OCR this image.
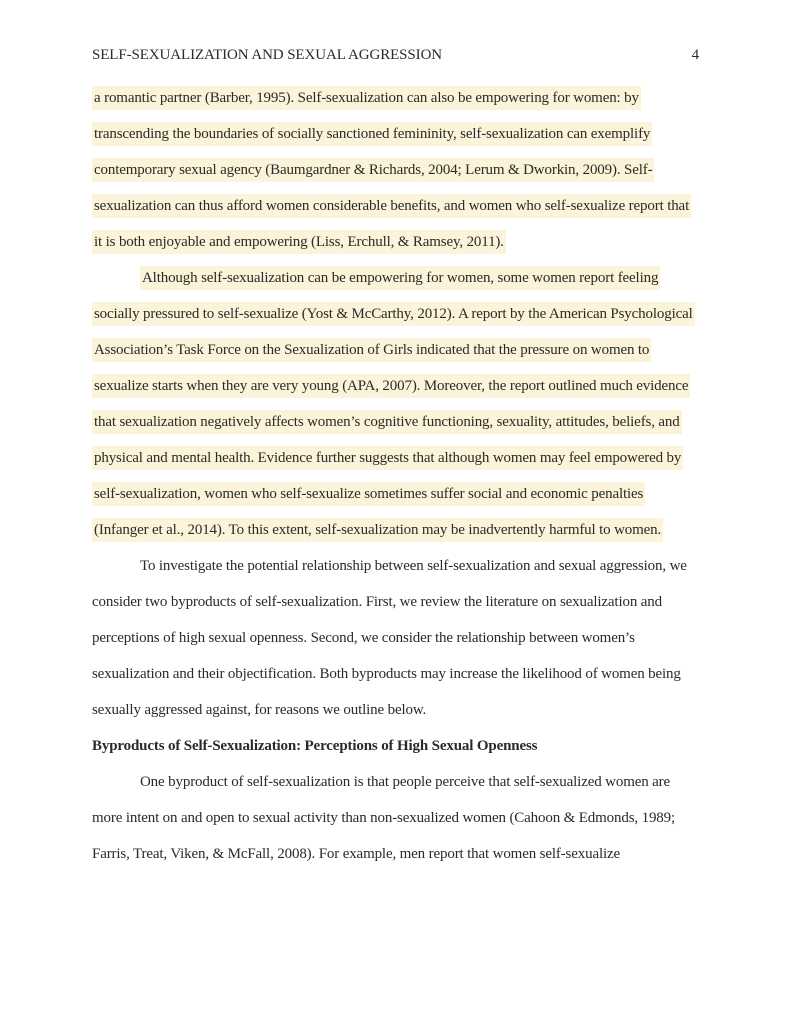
SELF-SEXUALIZATION AND SEXUAL AGGRESSION	4

a romantic partner (Barber, 1995). Self-sexualization can also be empowering for women: by transcending the boundaries of socially sanctioned femininity, self-sexualization can exemplify contemporary sexual agency (Baumgardner & Richards, 2004; Lerum & Dworkin, 2009). Self-sexualization can thus afford women considerable benefits, and women who self-sexualize report that it is both enjoyable and empowering (Liss, Erchull, & Ramsey, 2011).

Although self-sexualization can be empowering for women, some women report feeling socially pressured to self-sexualize (Yost & McCarthy, 2012). A report by the American Psychological Association’s Task Force on the Sexualization of Girls indicated that the pressure on women to sexualize starts when they are very young (APA, 2007). Moreover, the report outlined much evidence that sexualization negatively affects women’s cognitive functioning, sexuality, attitudes, beliefs, and physical and mental health. Evidence further suggests that although women may feel empowered by self-sexualization, women who self-sexualize sometimes suffer social and economic penalties (Infanger et al., 2014). To this extent, self-sexualization may be inadvertently harmful to women.

To investigate the potential relationship between self-sexualization and sexual aggression, we consider two byproducts of self-sexualization. First, we review the literature on sexualization and perceptions of high sexual openness. Second, we consider the relationship between women’s sexualization and their objectification. Both byproducts may increase the likelihood of women being sexually aggressed against, for reasons we outline below.

Byproducts of Self-Sexualization: Perceptions of High Sexual Openness

One byproduct of self-sexualization is that people perceive that self-sexualized women are more intent on and open to sexual activity than non-sexualized women (Cahoon & Edmonds, 1989; Farris, Treat, Viken, & McFall, 2008). For example, men report that women self-sexualize
